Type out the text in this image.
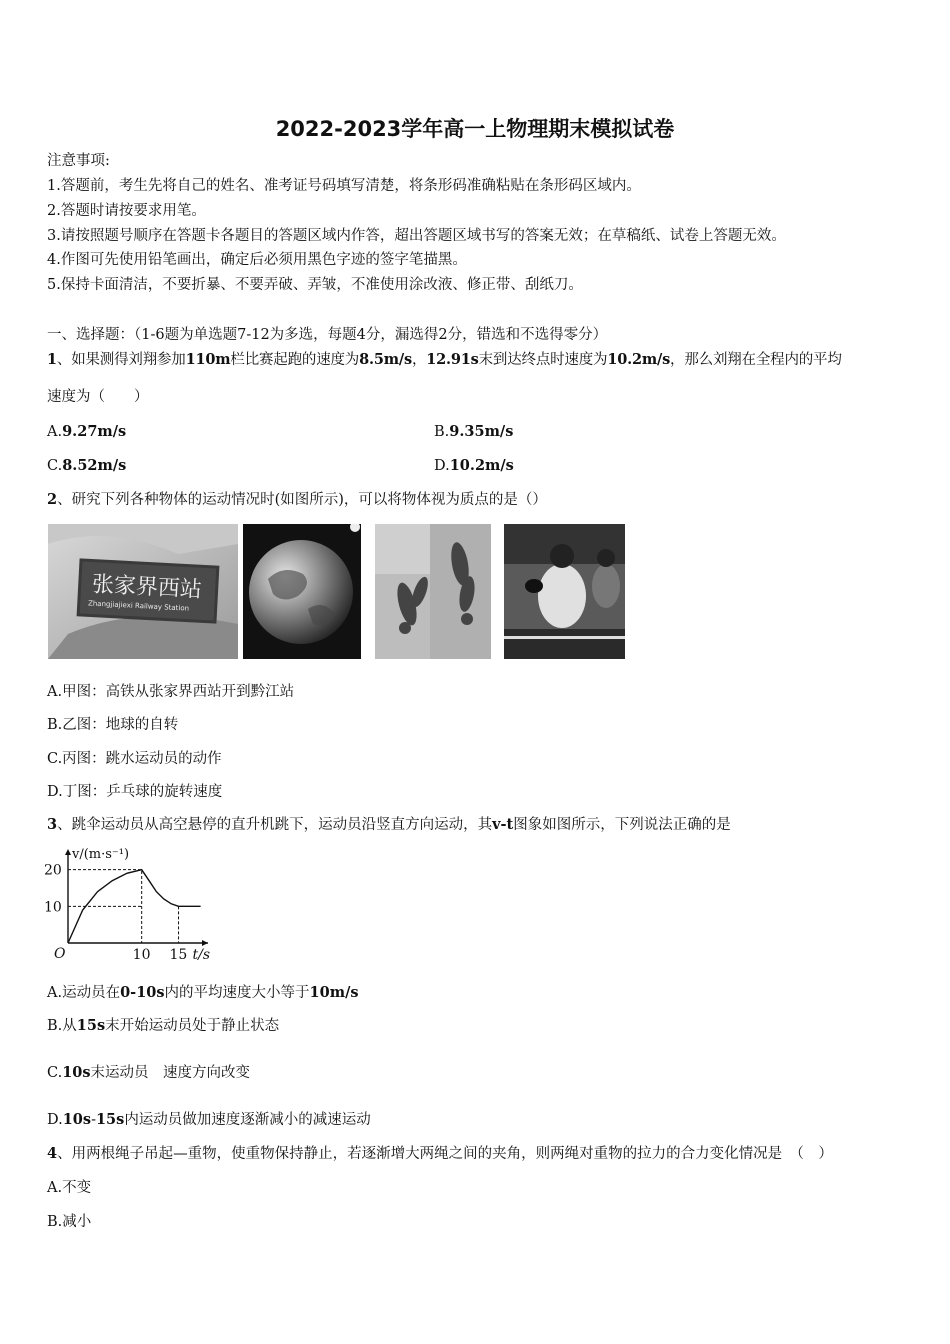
2022-2023学年高一上物理期末模拟试卷
注意事项:
1.答题前，考生先将自己的姓名、准考证号码填写清楚，将条形码准确粘贴在条形码区域内。
2.答题时请按要求用笔。
3.请按照题号顺序在答题卡各题目的答题区域内作答，超出答题区域书写的答案无效；在草稿纸、试卷上答题无效。
4.作图可先使用铅笔画出，确定后必须用黑色字迹的签字笔描黑。
5.保持卡面清洁，不要折暴、不要弄破、弄皱，不准使用涂改液、修正带、刮纸刀。
一、选择题：（1-6题为单选题7-12为多选，每题4分，漏选得2分，错选和不选得零分）
1、如果测得刘翔参加110m栏比赛起跑的速度为8.5m/s，12.91s末到达终点时速度为10.2m/s，那么刘翔在全程内的平均
速度为（　　）
A.9.27m/s	B.9.35m/s
C.8.52m/s	D.10.2m/s
2、研究下列各种物体的运动情况时(如图所示)，可以将物体视为质点的是（）
张家界西站
Zhangjiajiexi Railway Station
A.甲图：高铁从张家界西站开到黔江站
B.乙图：地球的自转
C.丙图：跳水运动员的动作
D.丁图：乒乓球的旋转速度
3、跳伞运动员从高空悬停的直升机跳下，运动员沿竖直方向运动，其v-t图象如图所示，下列说法正确的是
20
10
10 15
O
v/(m·s⁻¹)
t/s
A.运动员在0-10s内的平均速度大小等于10m/s
B.从15s末开始运动员处于静止状态
C.10s末运动员　速度方向改变
D.10s-15s内运动员做加速度逐渐减小的减速运动
4、用两根绳子吊起—重物，使重物保持静止，若逐渐增大两绳之间的夹角，则两绳对重物的拉力的合力变化情况是　（　）
A.不变
B.减小
